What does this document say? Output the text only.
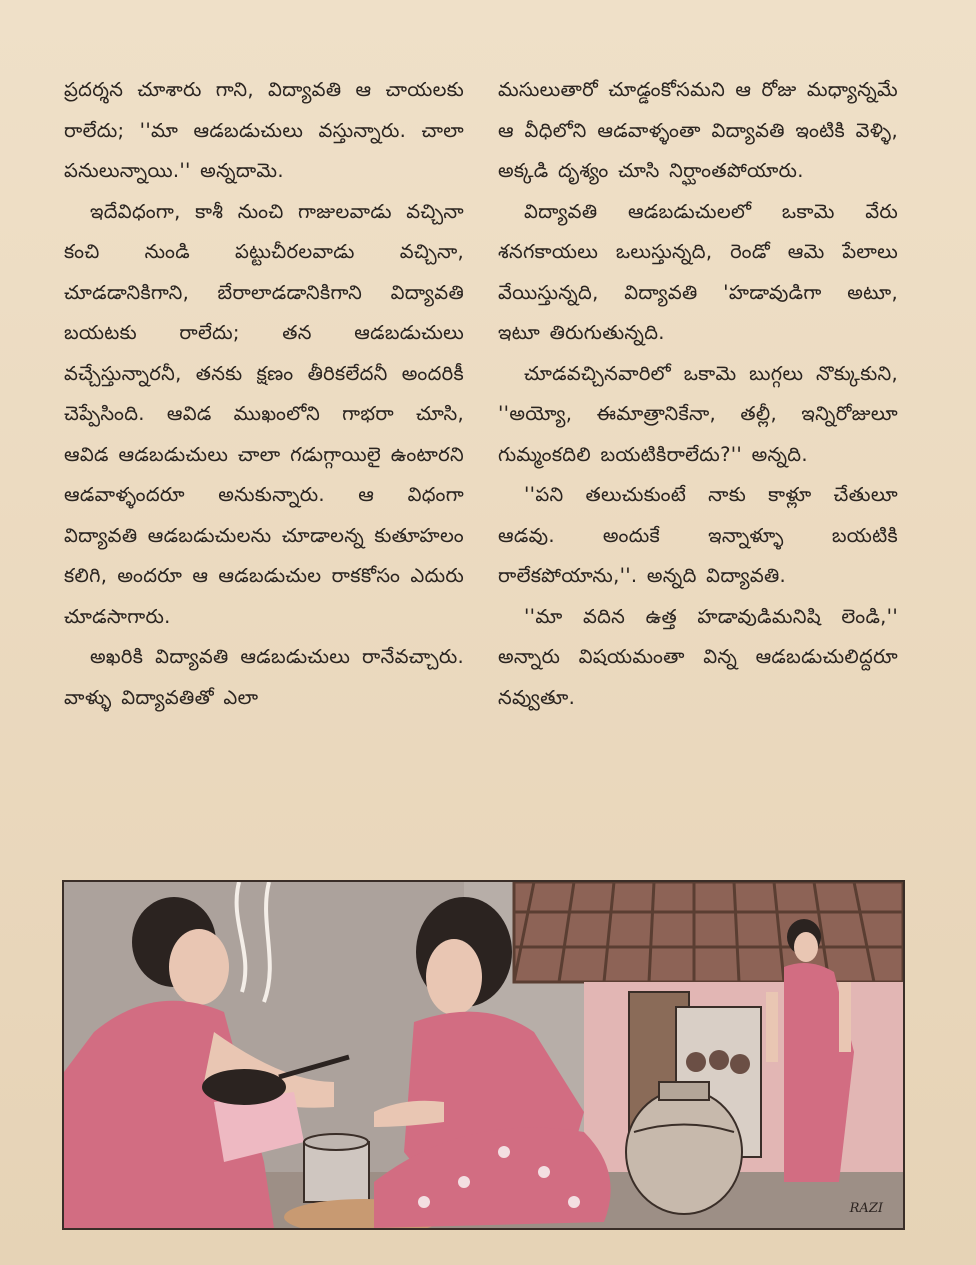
ప్రదర్శన చూశారు గాని, విద్యావతి ఆ చాయలకు రాలేదు; ''మా ఆడబడుచులు వస్తున్నారు. చాలా పనులున్నాయి.'' అన్నదామె.

ఇదేవిధంగా, కాశీ నుంచి గాజులవాడు వచ్చినా కంచి నుండి పట్టుచీరలవాడు వచ్చినా, చూడడానికిగాని, బేరాలాడడానికిగాని విద్యావతి బయటకు రాలేదు; తన ఆడబడుచులు వచ్చేస్తున్నారనీ, తనకు క్షణం తీరికలేదనీ అందరికీ చెప్పేసింది. ఆవిడ ముఖంలోని గాభరా చూసి, ఆవిడ ఆడబడుచులు చాలా గడుగ్గాయిలై ఉంటారని ఆడవాళ్ళందరూ అనుకున్నారు. ఆ విధంగా విద్యావతి ఆడబడుచులను చూడాలన్న కుతూహలం కలిగి, అందరూ ఆ ఆడబడుచుల రాకకోసం ఎదురు చూడసాగారు.

అఖరికి విద్యావతి ఆడబడుచులు రానేవచ్చారు. వాళ్ళు విద్యావతితో ఎలా

మసులుతారో చూడ్డంకోసమని ఆ రోజు మధ్యాన్నమే ఆ వీధిలోని ఆడవాళ్ళంతా విద్యావతి ఇంటికి వెళ్ళి, అక్కడి దృశ్యం చూసి నిర్ఘాంతపోయారు.

విద్యావతి ఆడబడుచులలో ఒకామె వేరు శనగకాయలు ఒలుస్తున్నది, రెండో ఆమె పేలాలు వేయిస్తున్నది, విద్యావతి 'హడావుడిగా అటూ, ఇటూ తిరుగుతున్నది.

చూడవచ్చినవారిలో ఒకామె బుగ్గలు నొక్కుకుని, ''అయ్యో, ఈమాత్రానికేనా, తల్లీ, ఇన్నిరోజులూ గుమ్మంకదిలి బయటికిరాలేదు?'' అన్నది.

''పని తలుచుకుంటే నాకు కాళ్లూ చేతులూ ఆడవు. అందుకే ఇన్నాళ్ళూ బయటికి రాలేకపోయాను,''. అన్నది విద్యావతి.

''మా వదిన ఉత్త హడావుడిమనిషి లెండి,'' అన్నారు విషయమంతా విన్న ఆడబడుచులిద్దరూ నవ్వుతూ.

RAZI
